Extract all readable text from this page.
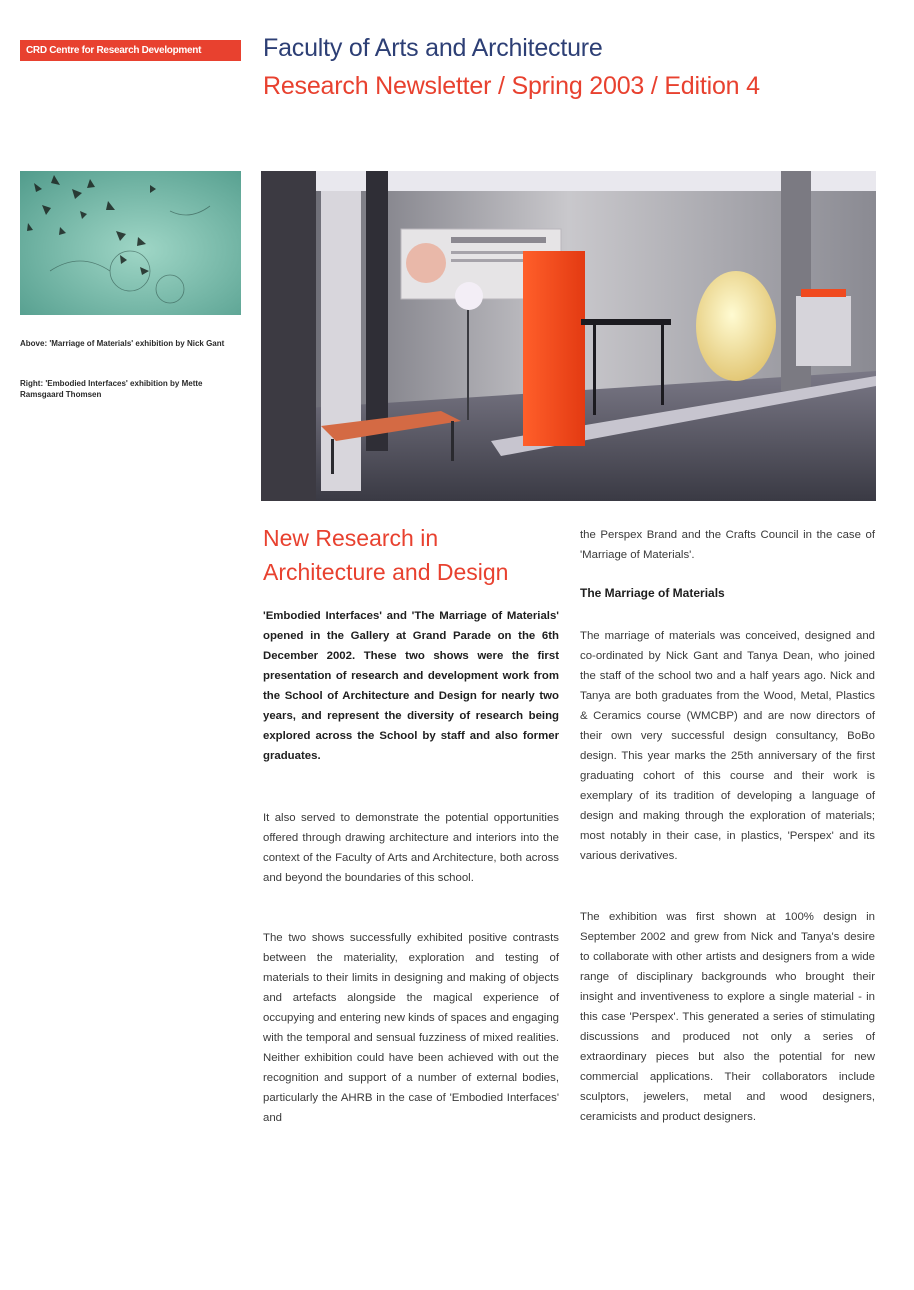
CRD Centre for Research Development	Faculty of Arts and Architecture
Research Newsletter / Spring 2003 / Edition 4
Above: 'Marriage of Materials' exhibition by Nick Gant
Right: 'Embodied Interfaces' exhibition by Mette Ramsgaard Thomsen
New Research in Architecture and Design

'Embodied Interfaces' and 'The Marriage of Materials' opened in the Gallery at Grand Parade on the 6th December 2002. These two shows were the first presentation of research and development work from the School of Architecture and Design for nearly two years, and represent the diversity of research being explored across the School by staff and also former graduates.

It also served to demonstrate the potential opportunities offered through drawing architecture and interiors into the context of the Faculty of Arts and Architecture, both across and beyond the boundaries of this school.

The two shows successfully exhibited positive contrasts between the materiality, exploration and testing of materials to their limits in designing and making of objects and artefacts alongside the magical experience of occupying and entering new kinds of spaces and engaging with the temporal and sensual fuzziness of mixed realities. Neither exhibition could have been achieved with out the recognition and support of a number of external bodies, particularly the AHRB in the case of 'Embodied Interfaces' and

the Perspex Brand and the Crafts Council in the case of 'Marriage of Materials'.

The Marriage of Materials

The marriage of materials was conceived, designed and co-ordinated by Nick Gant and Tanya Dean, who joined the staff of the school two and a half years ago. Nick and Tanya are both graduates from the Wood, Metal, Plastics & Ceramics course (WMCBP) and are now directors of their own very successful design consultancy, BoBo design. This year marks the 25th anniversary of the first graduating cohort of this course and their work is exemplary of its tradition of developing a language of design and making through the exploration of materials; most notably in their case, in plastics, 'Perspex' and its various derivatives.

The exhibition was first shown at 100% design in September 2002 and grew from Nick and Tanya's desire to collaborate with other artists and designers from a wide range of disciplinary backgrounds who brought their insight and inventiveness to explore a single material - in this case 'Perspex'. This generated a series of stimulating discussions and produced not only a series of extraordinary pieces but also the potential for new commercial applications. Their collaborators include sculptors, jewelers, metal and wood designers, ceramicists and product designers.
